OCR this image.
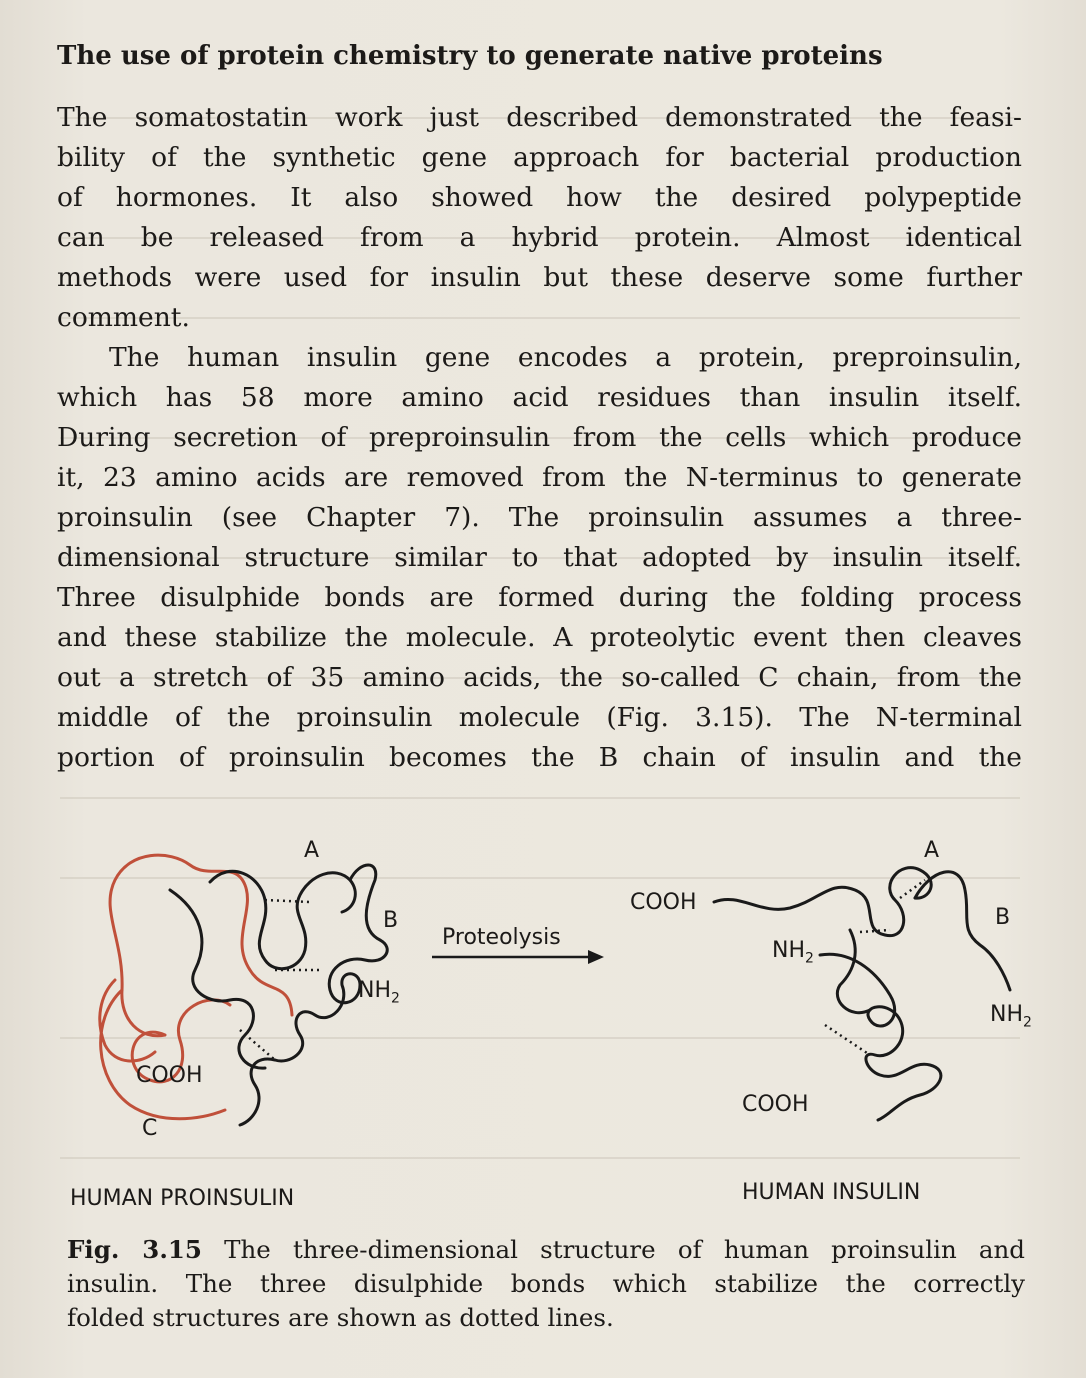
The use of protein chemistry to generate native proteins
The somatostatin work just described demonstrated the feasi-
bility of the synthetic gene approach for bacterial production
of hormones. It also showed how the desired polypeptide
can be released from a hybrid protein. Almost identical
methods were used for insulin but these deserve some further
comment.
The human insulin gene encodes a protein, preproinsulin,
which has 58 more amino acid residues than insulin itself.
During secretion of preproinsulin from the cells which produce
it, 23 amino acids are removed from the N-terminus to generate
proinsulin (see Chapter 7). The proinsulin assumes a three-
dimensional structure similar to that adopted by insulin itself.
Three disulphide bonds are formed during the folding process
and these stabilize the molecule. A proteolytic event then cleaves
out a stretch of 35 amino acids, the so-called C chain, from the
middle of the proinsulin molecule (Fig. 3.15). The N-terminal
portion of proinsulin becomes the B chain of insulin and the
A
B
$NH_2$
COOH
C
HUMAN PROINSULIN
Proteolysis
A
COOH
B
$NH_2$
$NH_2$
COOH
HUMAN INSULIN
Fig. 3.15 The three-dimensional structure of human proinsulin and
insulin. The three disulphide bonds which stabilize the correctly
folded structures are shown as dotted lines.
